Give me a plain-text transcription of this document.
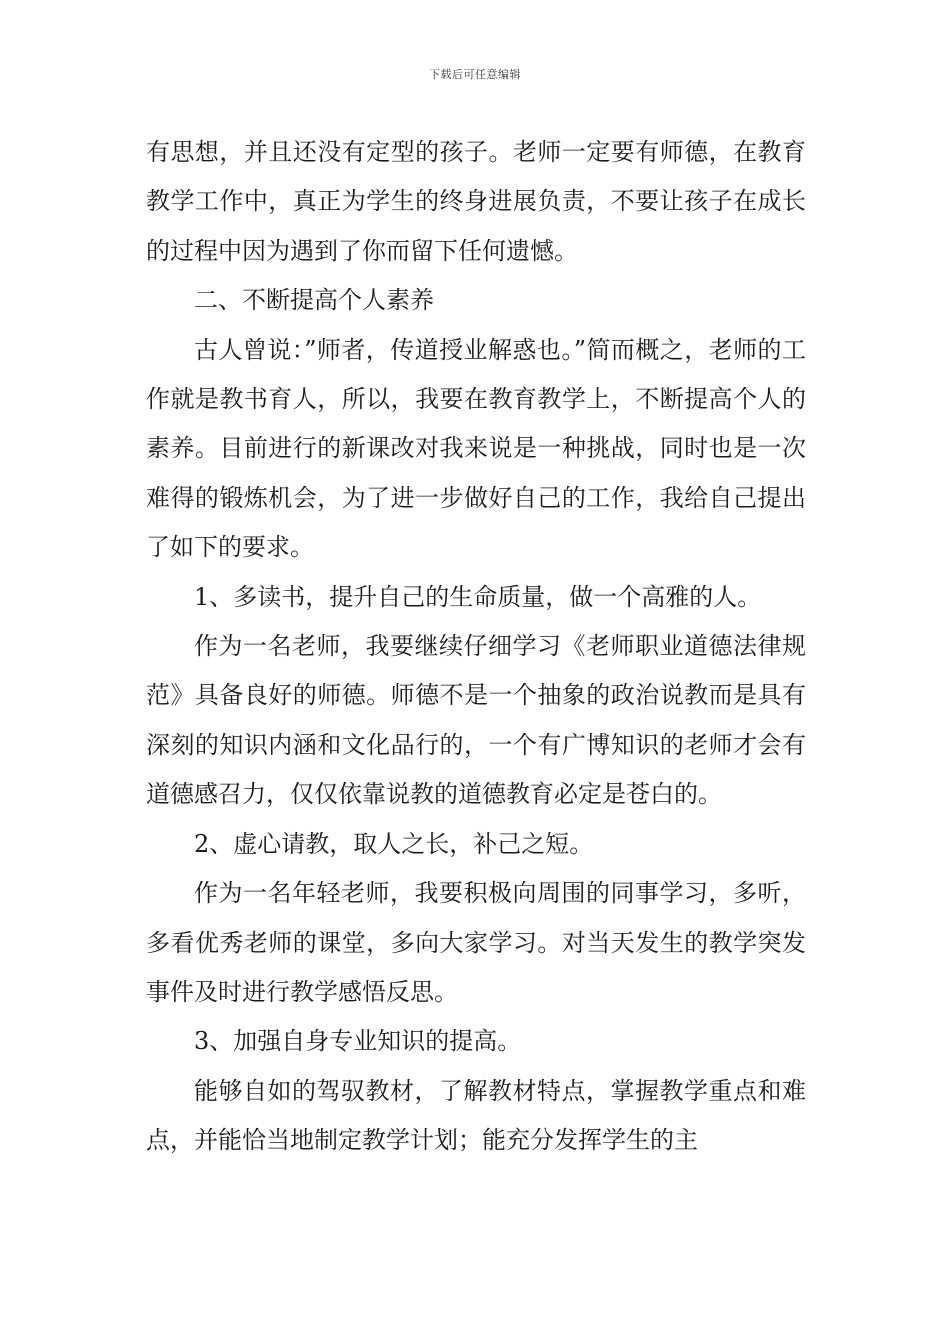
下载后可任意编辑

有思想，并且还没有定型的孩子。老师一定要有师德，在教育教学工作中，真正为学生的终身进展负责，不要让孩子在成长的过程中因为遇到了你而留下任何遗憾。

二、不断提高个人素养

古人曾说：”师者，传道授业解惑也。”简而概之，老师的工作就是教书育人，所以，我要在教育教学上，不断提高个人的素养。目前进行的新课改对我来说是一种挑战，同时也是一次难得的锻炼机会，为了进一步做好自己的工作，我给自己提出了如下的要求。

1、多读书，提升自己的生命质量，做一个高雅的人。

作为一名老师，我要继续仔细学习《老师职业道德法律规范》具备良好的师德。师德不是一个抽象的政治说教而是具有深刻的知识内涵和文化品行的，一个有广博知识的老师才会有道德感召力，仅仅依靠说教的道德教育必定是苍白的。

2、虚心请教，取人之长，补己之短。

作为一名年轻老师，我要积极向周围的同事学习，多听，多看优秀老师的课堂，多向大家学习。对当天发生的教学突发事件及时进行教学感悟反思。

3、加强自身专业知识的提高。

能够自如的驾驭教材，了解教材特点，掌握教学重点和难点，并能恰当地制定教学计划；能充分发挥学生的主
